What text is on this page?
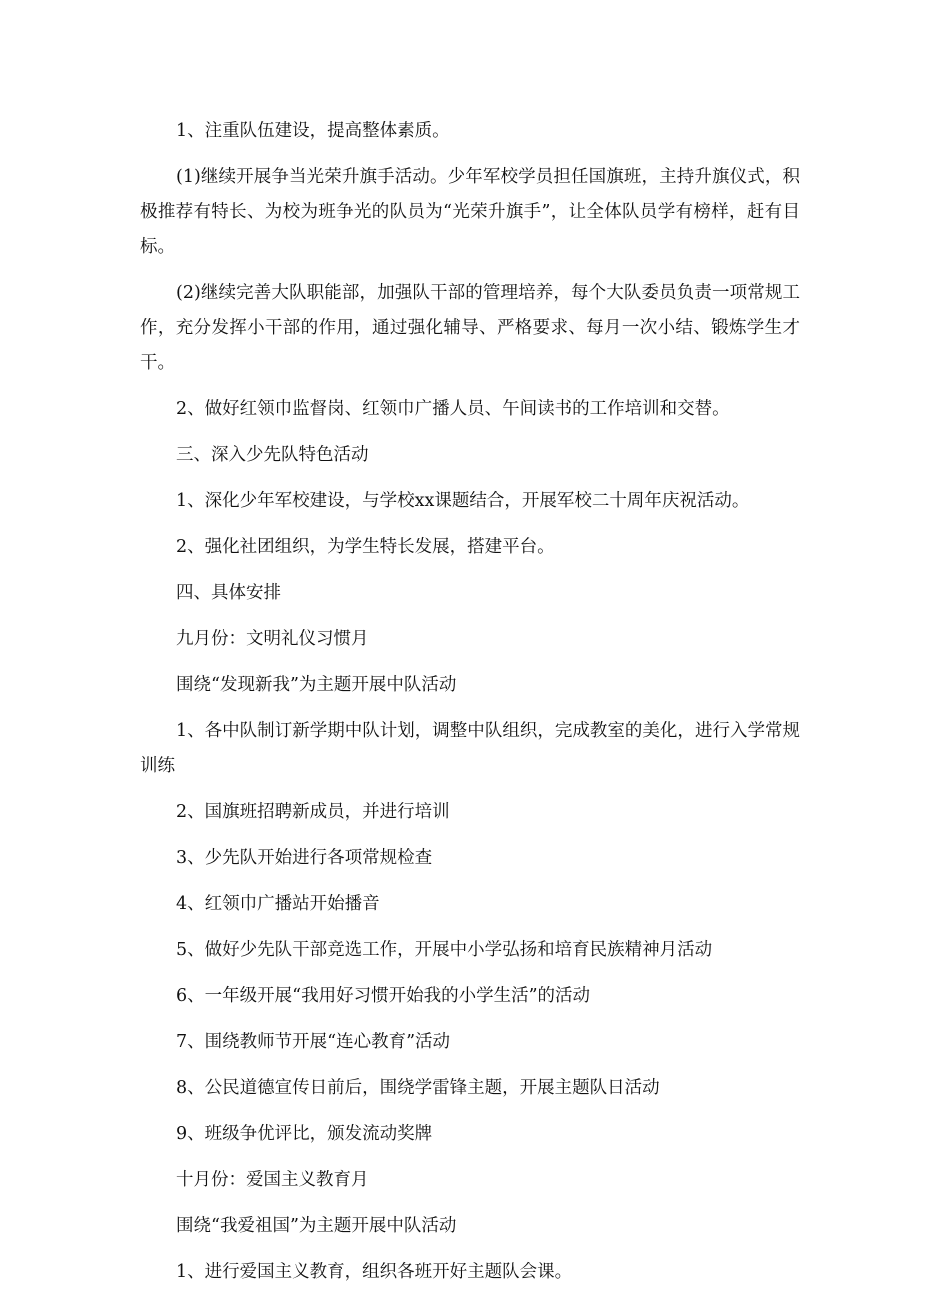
1、注重队伍建设，提高整体素质。

(1)继续开展争当光荣升旗手活动。少年军校学员担任国旗班，主持升旗仪式，积极推荐有特长、为校为班争光的队员为“光荣升旗手”，让全体队员学有榜样，赶有目标。

(2)继续完善大队职能部，加强队干部的管理培养，每个大队委员负责一项常规工作，充分发挥小干部的作用，通过强化辅导、严格要求、每月一次小结、锻炼学生才干。

2、做好红领巾监督岗、红领巾广播人员、午间读书的工作培训和交替。

三、深入少先队特色活动

1、深化少年军校建设，与学校xx课题结合，开展军校二十周年庆祝活动。

2、强化社团组织，为学生特长发展，搭建平台。

四、具体安排

九月份：文明礼仪习惯月

围绕“发现新我”为主题开展中队活动

1、各中队制订新学期中队计划，调整中队组织，完成教室的美化，进行入学常规训练

2、国旗班招聘新成员，并进行培训

3、少先队开始进行各项常规检查

4、红领巾广播站开始播音

5、做好少先队干部竞选工作，开展中小学弘扬和培育民族精神月活动

6、一年级开展“我用好习惯开始我的小学生活”的活动

7、围绕教师节开展“连心教育”活动

8、公民道德宣传日前后，围绕学雷锋主题，开展主题队日活动

9、班级争优评比，颁发流动奖牌

十月份：爱国主义教育月

围绕“我爱祖国”为主题开展中队活动

1、进行爱国主义教育，组织各班开好主题队会课。
